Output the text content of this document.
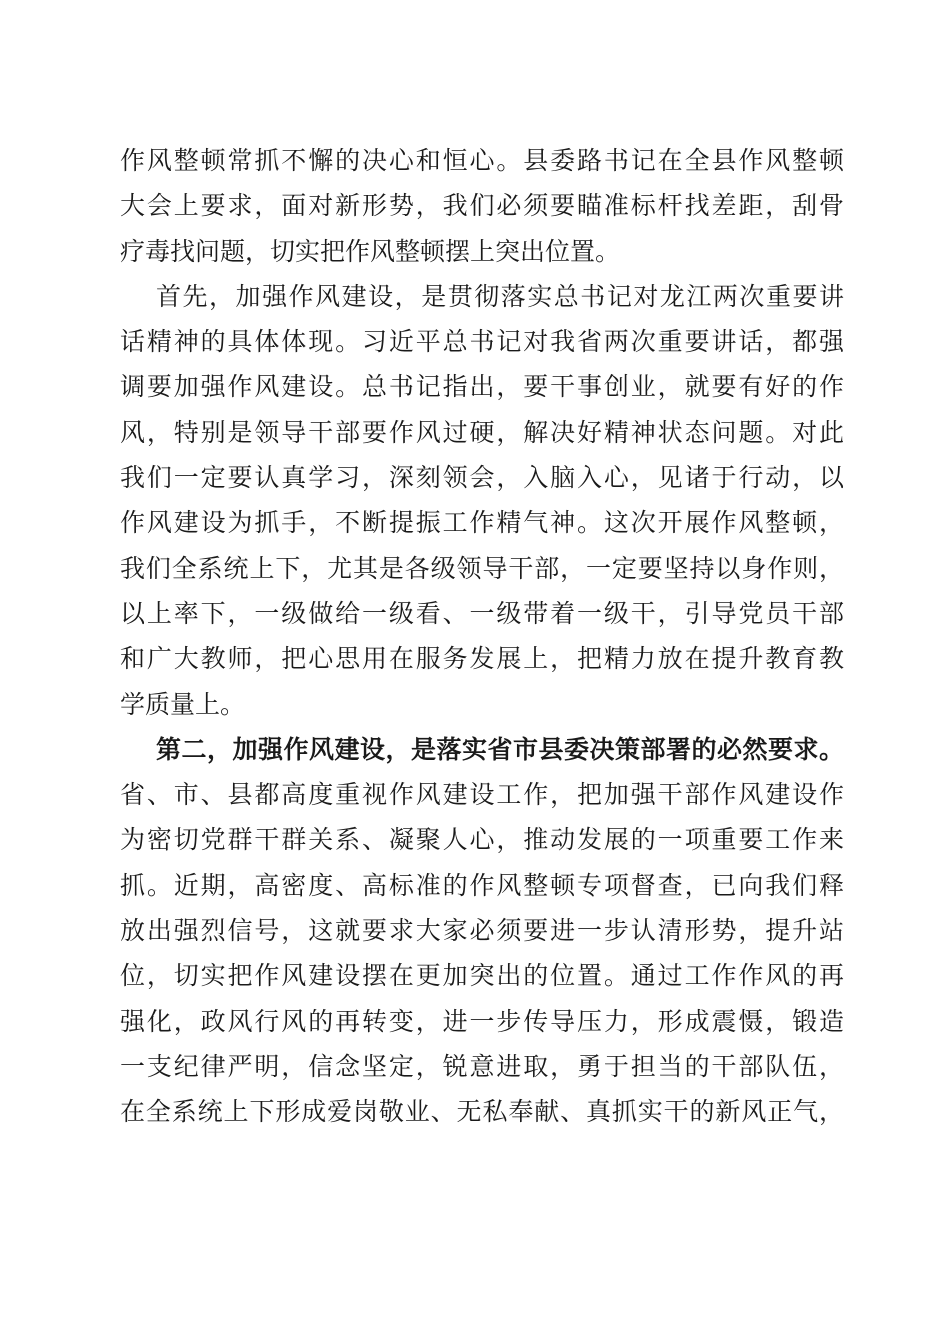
作风整顿常抓不懈的决心和恒心。县委路书记在全县作风整顿
大会上要求，面对新形势，我们必须要瞄准标杆找差距，刮骨
疗毒找问题，切实把作风整顿摆上突出位置。
首先，加强作风建设，是贯彻落实总书记对龙江两次重要讲
话精神的具体体现。习近平总书记对我省两次重要讲话，都强
调要加强作风建设。总书记指出，要干事创业，就要有好的作
风，特别是领导干部要作风过硬，解决好精神状态问题。对此
我们一定要认真学习，深刻领会，入脑入心，见诸于行动，以
作风建设为抓手，不断提振工作精气神。这次开展作风整顿，
我们全系统上下，尤其是各级领导干部，一定要坚持以身作则，
以上率下，一级做给一级看、一级带着一级干，引导党员干部
和广大教师，把心思用在服务发展上，把精力放在提升教育教
学质量上。
第二，加强作风建设，是落实省市县委决策部署的必然要求。
省、市、县都高度重视作风建设工作，把加强干部作风建设作
为密切党群干群关系、凝聚人心，推动发展的一项重要工作来
抓。近期，高密度、高标准的作风整顿专项督查，已向我们释
放出强烈信号，这就要求大家必须要进一步认清形势，提升站
位，切实把作风建设摆在更加突出的位置。通过工作作风的再
强化，政风行风的再转变，进一步传导压力，形成震慑，锻造
一支纪律严明，信念坚定，锐意进取，勇于担当的干部队伍，
在全系统上下形成爱岗敬业、无私奉献、真抓实干的新风正气，
